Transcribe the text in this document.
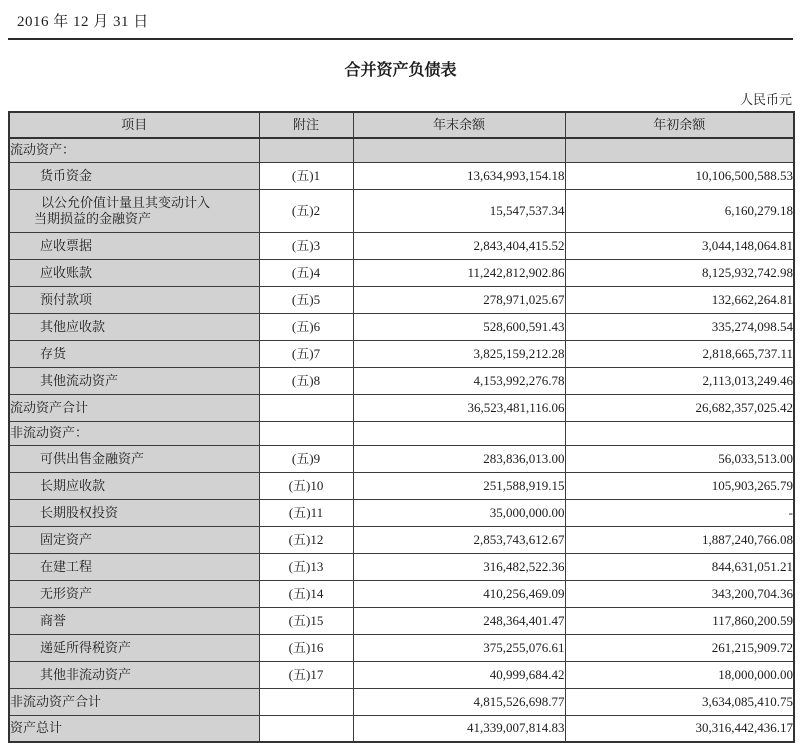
2016 年 12 月 31 日
合并资产负债表
人民币元
项目	附注	年末余额	年初余额
流动资产：			
货币资金	(五)1	13,634,993,154.18	10,106,500,588.53

以公允价值计量且其变动计入
当期损益的金融资产	(五)2	15,547,537.34	6,160,279.18
应收票据	(五)3	2,843,404,415.52	3,044,148,064.81
应收账款	(五)4	11,242,812,902.86	8,125,932,742.98
预付款项	(五)5	278,971,025.67	132,662,264.81
其他应收款	(五)6	528,600,591.43	335,274,098.54
存货	(五)7	3,825,159,212.28	2,818,665,737.11
其他流动资产	(五)8	4,153,992,276.78	2,113,013,249.46
流动资产合计		36,523,481,116.06	26,682,357,025.42
非流动资产：			
可供出售金融资产	(五)9	283,836,013.00	56,033,513.00
长期应收款	(五)10	251,588,919.15	105,903,265.79
长期股权投资	(五)11	35,000,000.00	-
固定资产	(五)12	2,853,743,612.67	1,887,240,766.08
在建工程	(五)13	316,482,522.36	844,631,051.21
无形资产	(五)14	410,256,469.09	343,200,704.36
商誉	(五)15	248,364,401.47	117,860,200.59
递延所得税资产	(五)16	375,255,076.61	261,215,909.72
其他非流动资产	(五)17	40,999,684.42	18,000,000.00
非流动资产合计		4,815,526,698.77	3,634,085,410.75
资产总计		41,339,007,814.83	30,316,442,436.17
